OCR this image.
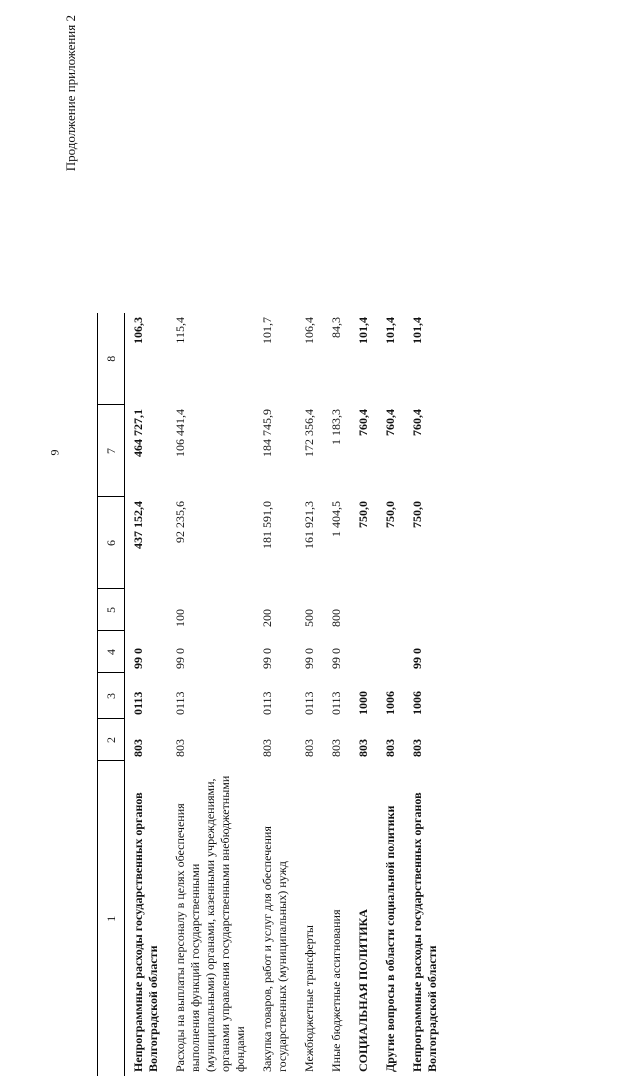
9
Продолжение приложения 2
1	2	3	4	5	6	7	8
Непрограммные расходы государственных органов Волгоградской области	803	0113	99 0		437 152,4	464 727,1	106,3
Расходы на выплаты персоналу в целях обеспечения выполнения функций государственными (муниципальными) органами, казенными учреждениями, органами управления государственными внебюджетными фондами	803	0113	99 0	100	92 235,6	106 441,4	115,4
Закупка товаров, работ и услуг для обеспечения государственных (муниципальных) нужд	803	0113	99 0	200	181 591,0	184 745,9	101,7
Межбюджетные трансферты	803	0113	99 0	500	161 921,3	172 356,4	106,4
Иные бюджетные ассигнования	803	0113	99 0	800	1 404,5	1 183,3	84,3
СОЦИАЛЬНАЯ ПОЛИТИКА	803	1000			750,0	760,4	101,4
Другие вопросы в области социальной политики	803	1006			750,0	760,4	101,4
Непрограммные расходы государственных органов Волгоградской области	803	1006	99 0		750,0	760,4	101,4
